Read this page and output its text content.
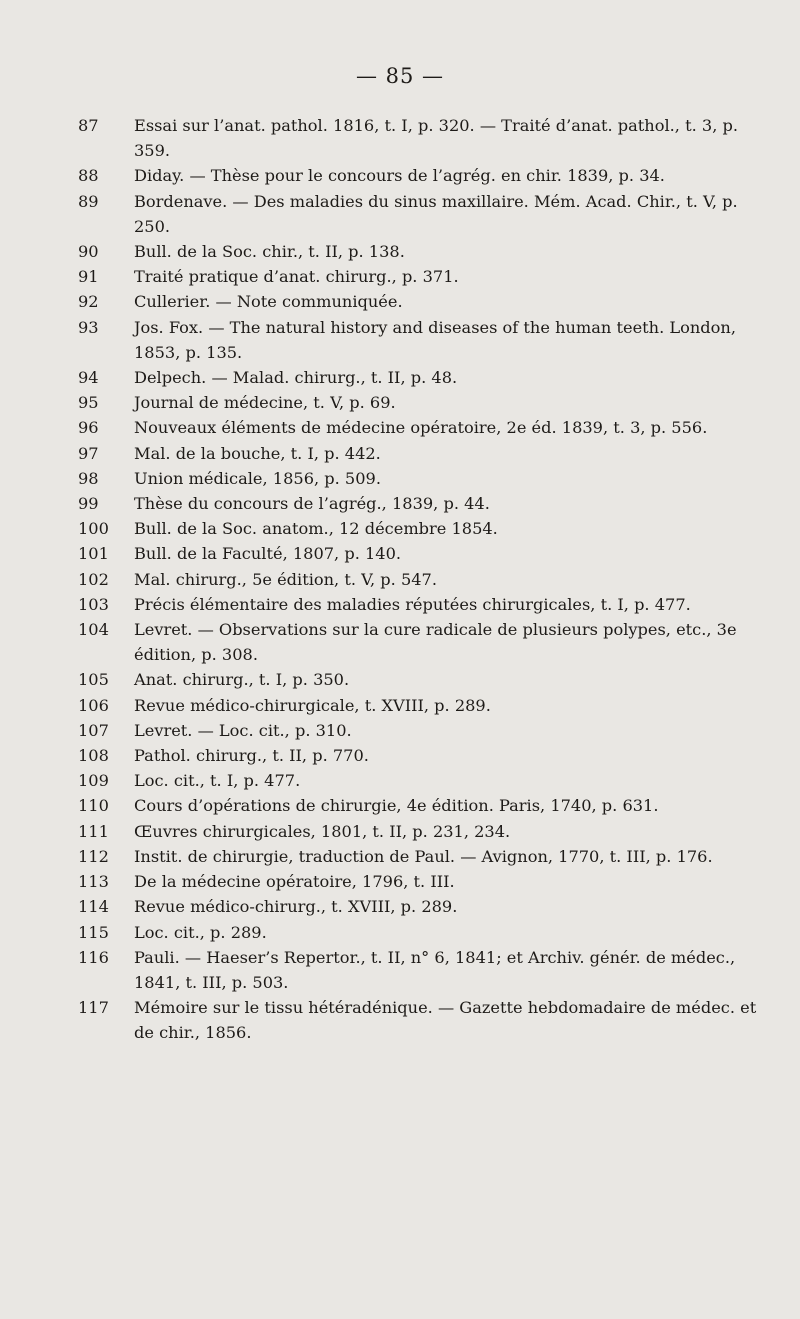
— 85 —
87	Essai sur l’anat. pathol. 1816, t. I, p. 320. — Traité d’anat. pathol., t. 3, p. 359.
88	Diday. — Thèse pour le concours de l’agrég. en chir. 1839, p. 34.
89	Bordenave. — Des maladies du sinus maxillaire. Mém. Acad. Chir., t. V, p. 250.
90	Bull. de la Soc. chir., t. II, p. 138.
91	Traité pratique d’anat. chirurg., p. 371.
92	Cullerier. — Note communiquée.
93	Jos. Fox. — The natural history and diseases of the human teeth. London, 1853, p. 135.
94	Delpech. — Malad. chirurg., t. II, p. 48.
95	Journal de médecine, t. V, p. 69.
96	Nouveaux éléments de médecine opératoire, 2e éd. 1839, t. 3, p. 556.
97	Mal. de la bouche, t. I, p. 442.
98	Union médicale, 1856, p. 509.
99	Thèse du concours de l’agrég., 1839, p. 44.
100	Bull. de la Soc. anatom., 12 décembre 1854.
101	Bull. de la Faculté, 1807, p. 140.
102	Mal. chirurg., 5e édition, t. V, p. 547.
103	Précis élémentaire des maladies réputées chirurgicales, t. I, p. 477.
104	Levret. — Observations sur la cure radicale de plusieurs polypes, etc., 3e édition, p. 308.
105	Anat. chirurg., t. I, p. 350.
106	Revue médico-chirurgicale, t. XVIII, p. 289.
107	Levret. — Loc. cit., p. 310.
108	Pathol. chirurg., t. II, p. 770.
109	Loc. cit., t. I, p. 477.
110	Cours d’opérations de chirurgie, 4e édition. Paris, 1740, p. 631.
111	Œuvres chirurgicales, 1801, t. II, p. 231, 234.
112	Instit. de chirurgie, traduction de Paul. — Avignon, 1770, t. III, p. 176.
113	De la médecine opératoire, 1796, t. III.
114	Revue médico-chirurg., t. XVIII, p. 289.
115	Loc. cit., p. 289.
116	Pauli. — Haeser’s Repertor., t. II, n° 6, 1841; et Archiv. génér. de médec., 1841, t. III, p. 503.
117	Mémoire sur le tissu hétéradénique. — Gazette hebdomadaire de médec. et de chir., 1856.
